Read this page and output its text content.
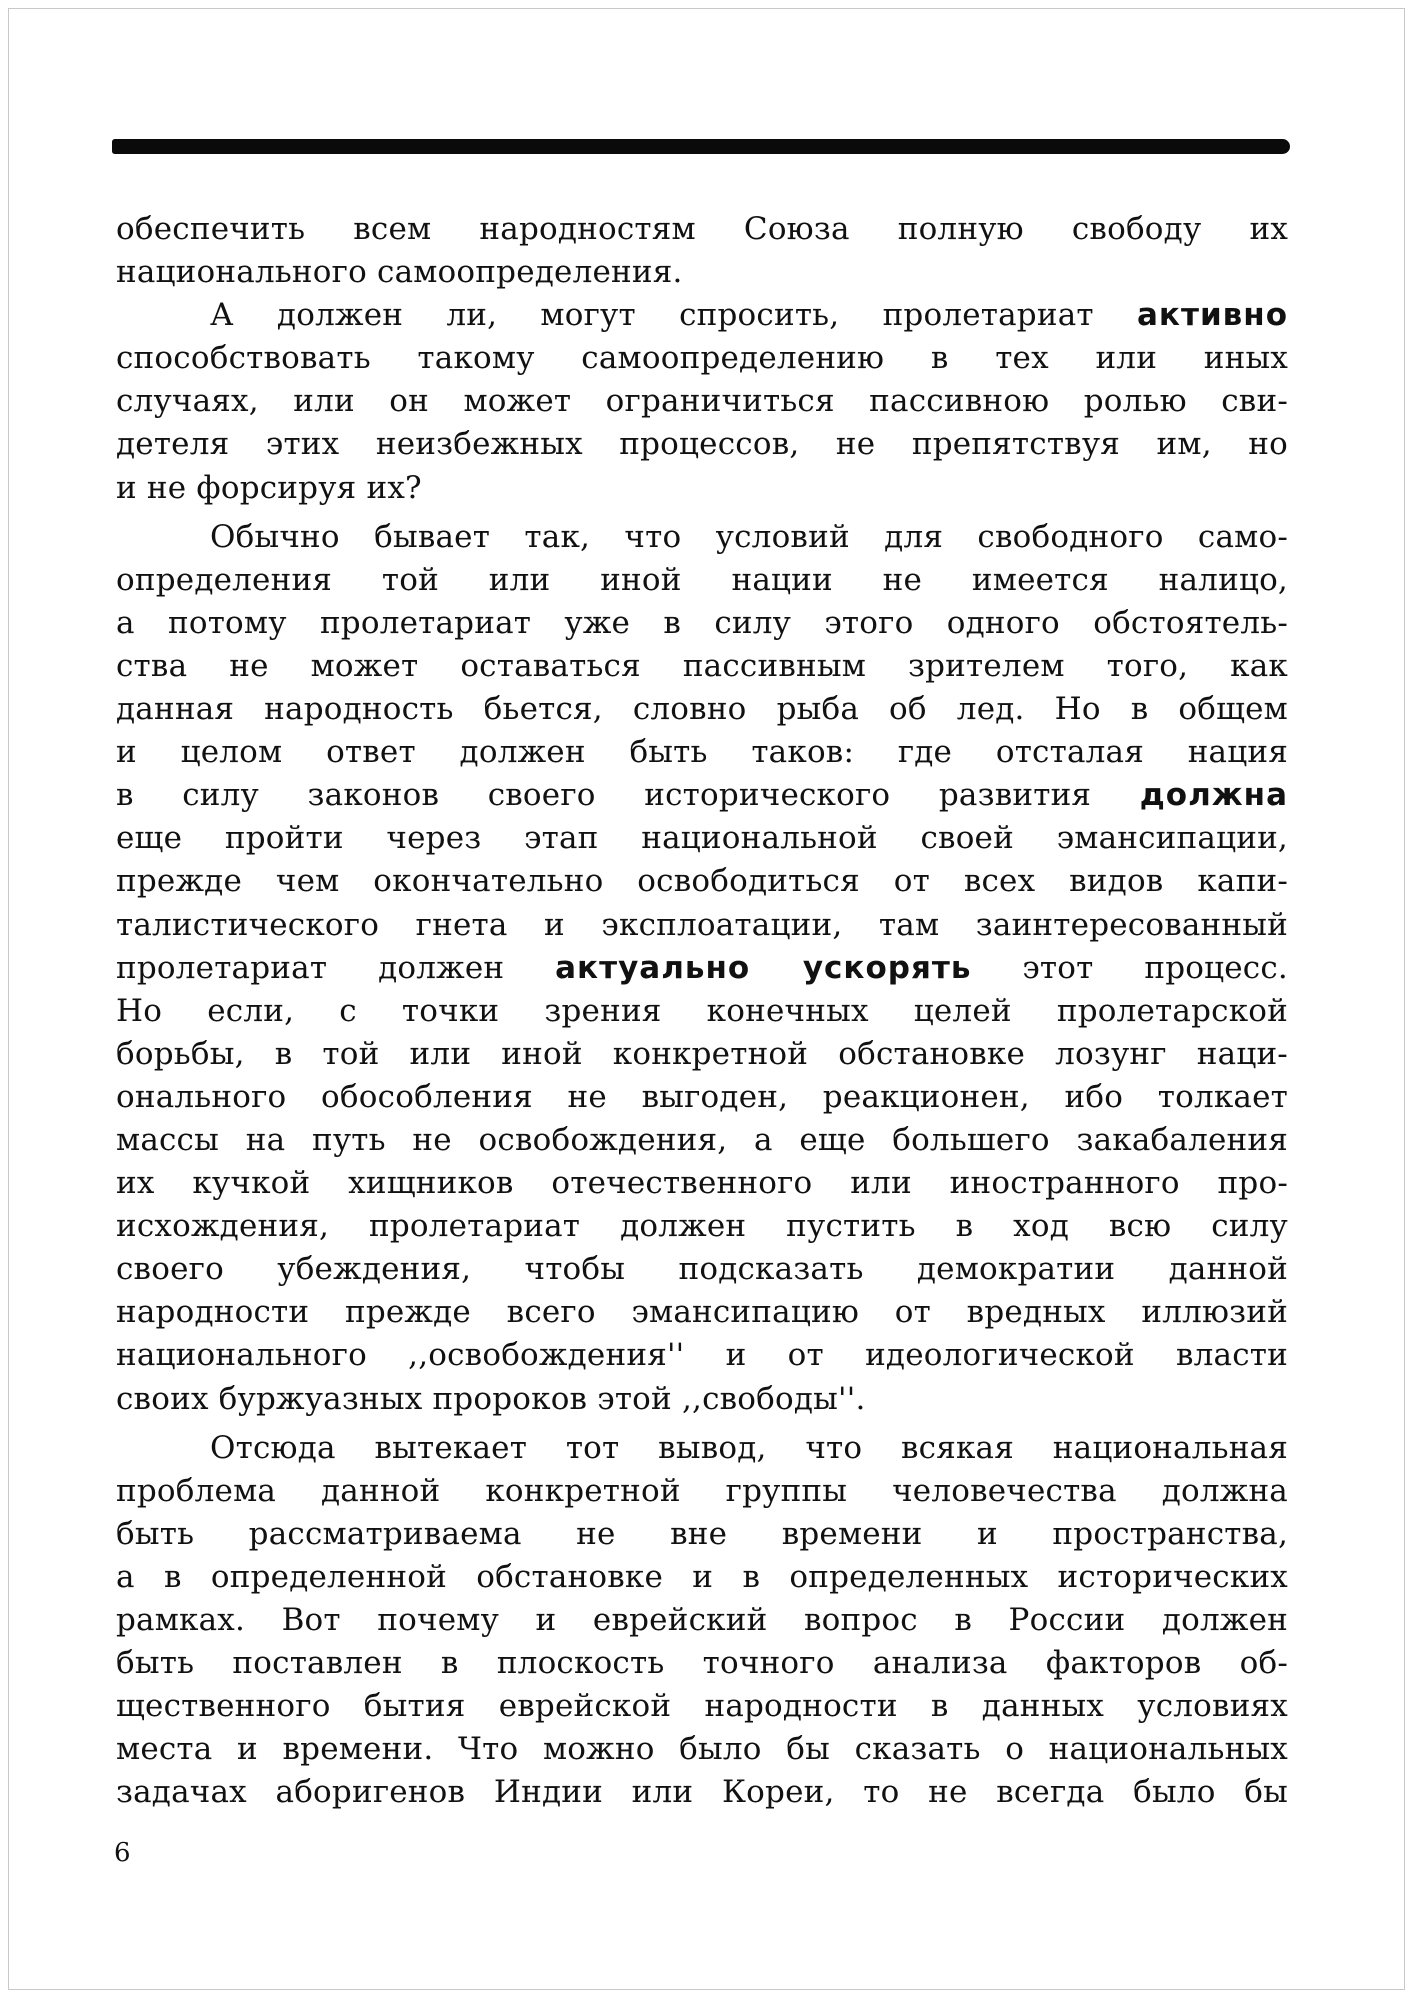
обеспечить всем народностям Союза полную свободу их
национального самоопределения.
А должен ли, могут спросить, пролетариат активно
способствовать такому самоопределению в тех или иных
случаях, или он может ограничиться пассивною ролью сви-
детеля этих неизбежных процессов, не препятствуя им, но
и не форсируя их?
Обычно бывает так, что условий для свободного само-
определения той или иной нации не имеется налицо,
а потому пролетариат уже в силу этого одного обстоятель-
ства не может оставаться пассивным зрителем того, как
данная народность бьется, словно рыба об лед. Но в общем
и целом ответ должен быть таков: где отсталая нация
в силу законов своего исторического развития должна
еще пройти через этап национальной своей эмансипации,
прежде чем окончательно освободиться от всех видов капи-
талистического гнета и эксплоатации, там заинтересованный
пролетариат должен актуально ускорять этот процесс.
Но если, с точки зрения конечных целей пролетарской
борьбы, в той или иной конкретной обстановке лозунг наци-
онального обособления не выгоден, реакционен, ибо толкает
массы на путь не освобождения, а еще большего закабаления
их кучкой хищников отечественного или иностранного про-
исхождения, пролетариат должен пустить в ход всю силу
своего убеждения, чтобы подсказать демократии данной
народности прежде всего эмансипацию от вредных иллюзий
национального ,,освобождения'' и от идеологической власти
своих буржуазных пророков этой ,,свободы''.
Отсюда вытекает тот вывод, что всякая национальная
проблема данной конкретной группы человечества должна
быть рассматриваема не вне времени и пространства,
а в определенной обстановке и в определенных исторических
рамках. Вот почему и еврейский вопрос в России должен
быть поставлен в плоскость точного анализа факторов об-
щественного бытия еврейской народности в данных условиях
места и времени. Что можно было бы сказать о национальных
задачах аборигенов Индии или Кореи, то не всегда было бы
6
